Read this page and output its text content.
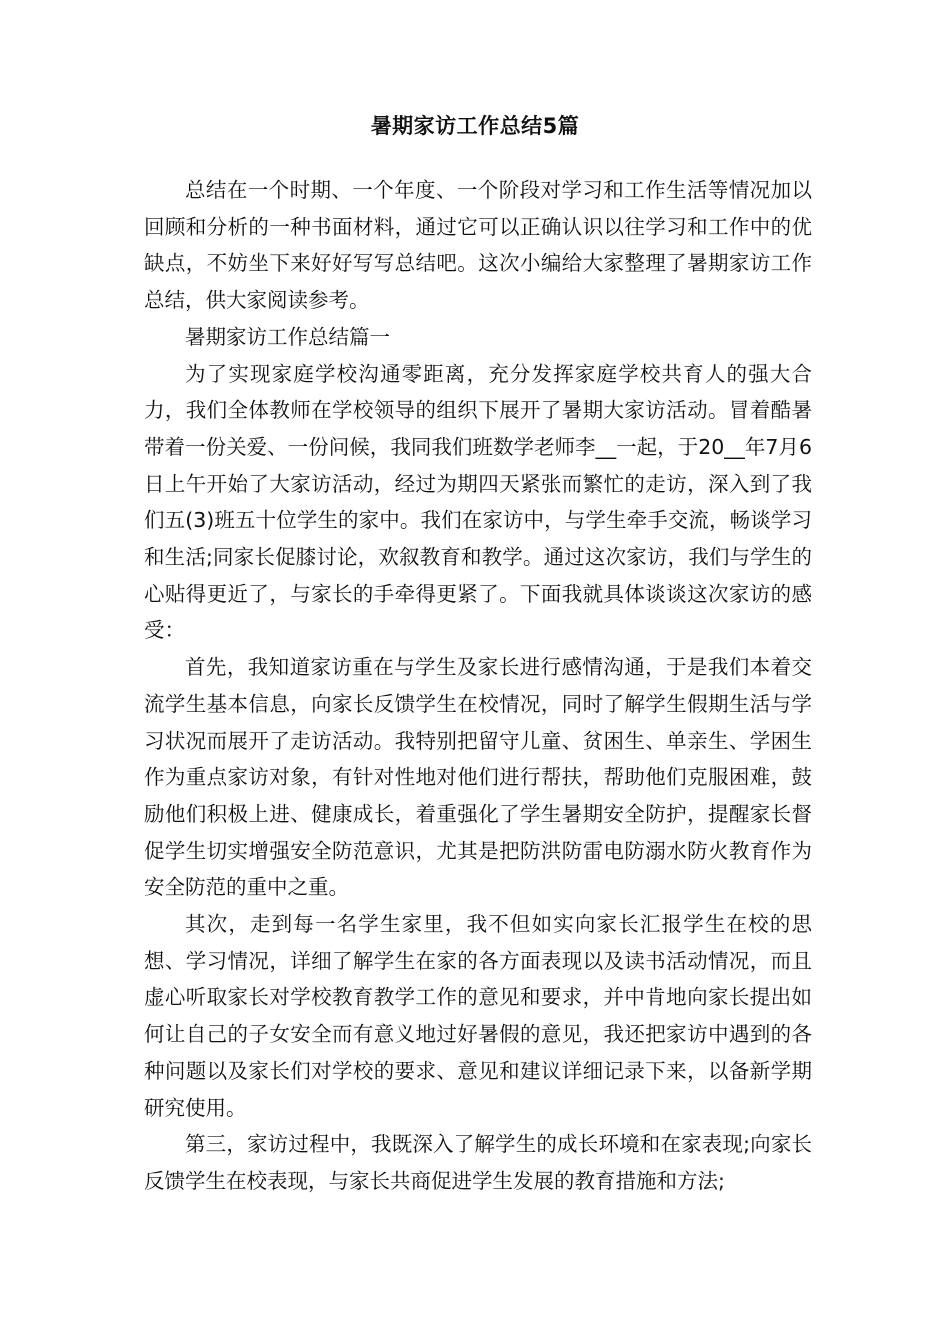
暑期家访工作总结5篇

总结在一个时期、一个年度、一个阶段对学习和工作生活等情况加以回顾和分析的一种书面材料，通过它可以正确认识以往学习和工作中的优缺点，不妨坐下来好好写写总结吧。这次小编给大家整理了暑期家访工作总结，供大家阅读参考。

暑期家访工作总结篇一

为了实现家庭学校沟通零距离，充分发挥家庭学校共育人的强大合力，我们全体教师在学校领导的组织下展开了暑期大家访活动。冒着酷暑带着一份关爱、一份问候，我同我们班数学老师李__一起，于20__年7月6日上午开始了大家访活动，经过为期四天紧张而繁忙的走访，深入到了我们五(3)班五十位学生的家中。我们在家访中，与学生牵手交流，畅谈学习和生活;同家长促膝讨论，欢叙教育和教学。通过这次家访，我们与学生的心贴得更近了，与家长的手牵得更紧了。下面我就具体谈谈这次家访的感受：

首先，我知道家访重在与学生及家长进行感情沟通，于是我们本着交流学生基本信息，向家长反馈学生在校情况，同时了解学生假期生活与学习状况而展开了走访活动。我特别把留守儿童、贫困生、单亲生、学困生作为重点家访对象，有针对性地对他们进行帮扶，帮助他们克服困难，鼓励他们积极上进、健康成长，着重强化了学生暑期安全防护，提醒家长督促学生切实增强安全防范意识，尤其是把防洪防雷电防溺水防火教育作为安全防范的重中之重。

其次，走到每一名学生家里，我不但如实向家长汇报学生在校的思想、学习情况，详细了解学生在家的各方面表现以及读书活动情况，而且虚心听取家长对学校教育教学工作的意见和要求，并中肯地向家长提出如何让自己的子女安全而有意义地过好暑假的意见，我还把家访中遇到的各种问题以及家长们对学校的要求、意见和建议详细记录下来，以备新学期研究使用。

第三，家访过程中，我既深入了解学生的成长环境和在家表现;向家长反馈学生在校表现，与家长共商促进学生发展的教育措施和方法;
